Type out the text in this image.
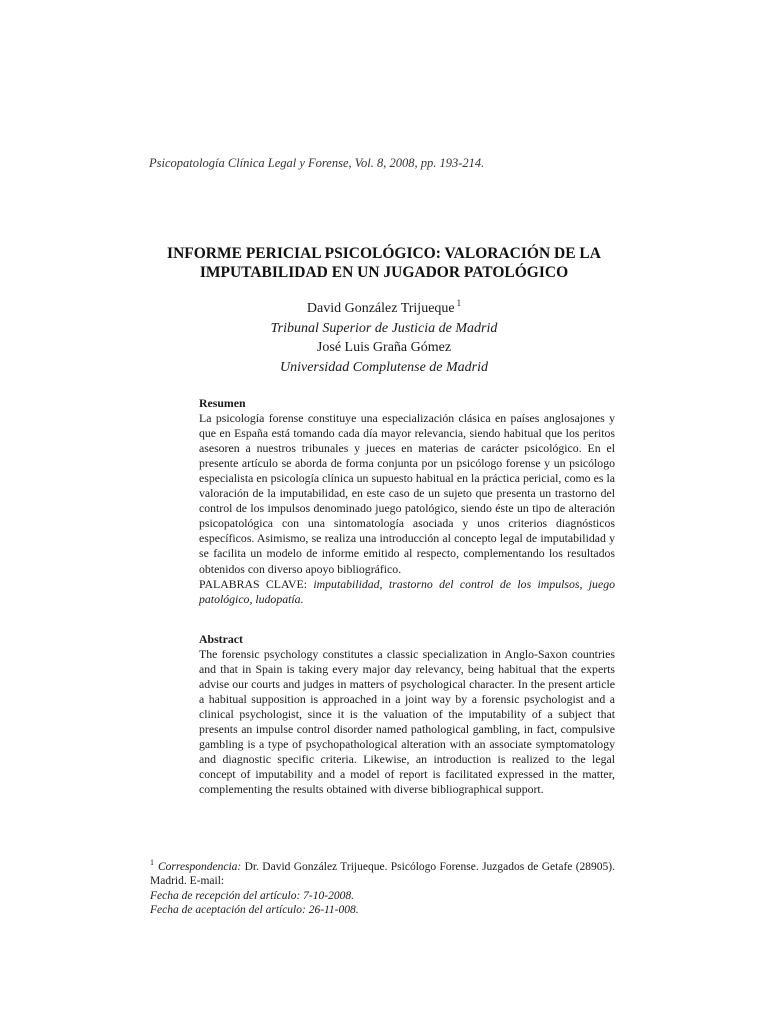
Psicopatología Clínica Legal y Forense, Vol. 8, 2008, pp. 193-214.
INFORME PERICIAL PSICOLÓGICO: VALORACIÓN DE LA
IMPUTABILIDAD EN UN JUGADOR PATOLÓGICO
David González Trijueque $^1$
Tribunal Superior de Justicia de Madrid
José Luis Graña Gómez
Universidad Complutense de Madrid
Resumen

La psicología forense constituye una especialización clásica en países anglosajones y que en España está tomando cada día mayor relevancia, siendo habitual que los peritos asesoren a nuestros tribunales y jueces en materias de carácter psicológico. En el presente artículo se aborda de forma conjunta por un psicólogo forense y un psicólogo especialista en psicología clínica un supuesto habitual en la práctica pericial, como es la valoración de la imputabilidad, en este caso de un sujeto que presenta un trastorno del control de los impulsos denominado juego patológico, siendo éste un tipo de alteración psicopatológica con una sintomatología asociada y unos criterios diagnósticos específicos. Asimismo, se realiza una introducción al concepto legal de imputabilidad y se facilita un modelo de informe emitido al respecto, complementando los resultados obtenidos con diverso apoyo bibliográfico.

PALABRAS CLAVE: imputabilidad, trastorno del control de los impulsos, juego patológico, ludopatía.

Abstract

The forensic psychology constitutes a classic specialization in Anglo-Saxon countries and that in Spain is taking every major day relevancy, being habitual that the experts advise our courts and judges in matters of psychological character. In the present article a habitual supposition is approached in a joint way by a forensic psychologist and a clinical psychologist, since it is the valuation of the imputability of a subject that presents an impulse control disorder named pathological gambling, in fact, compulsive gambling is a type of psychopathological alteration with an associate symptomatology and diagnostic specific criteria. Likewise, an introduction is realized to the legal concept of imputability and a model of report is facilitated expressed in the matter, complementing the results obtained with diverse bibliographical support.

$^1$ Correspondencia: Dr. David González Trijueque. Psicólogo Forense. Juzgados de Getafe (28905). Madrid. E-mail:

Fecha de recepción del artículo: 7-10-2008.

Fecha de aceptación del artículo: 26-11-008.
